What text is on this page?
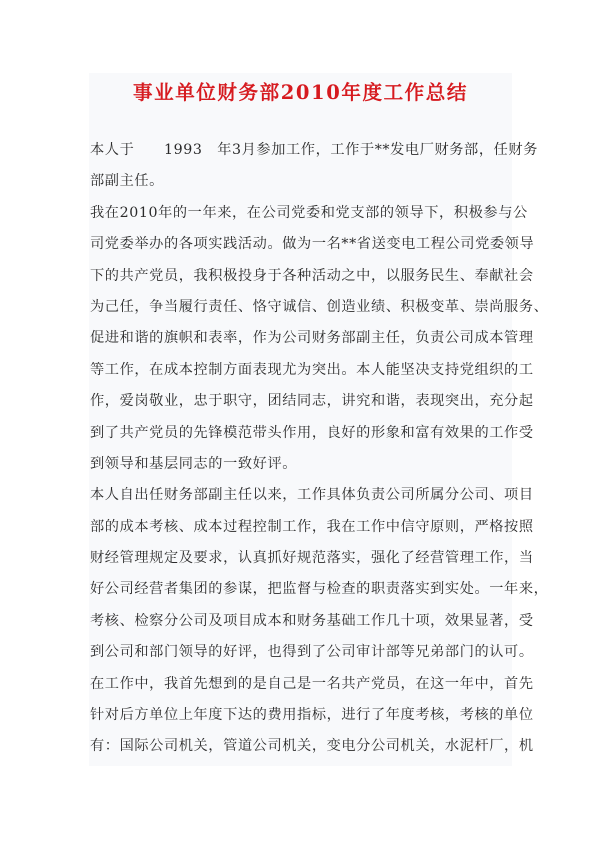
事业单位财务部2010年度工作总结
本人于　　1993　年3月参加工作，工作于**发电厂财务部，任财务
部副主任。
我在2010年的一年来，在公司党委和党支部的领导下，积极参与公
司党委举办的各项实践活动。做为一名**省送变电工程公司党委领导
下的共产党员，我积极投身于各种活动之中，以服务民生、奉献社会
为己任，争当履行责任、恪守诚信、创造业绩、积极变革、崇尚服务、
促进和谐的旗帜和表率，作为公司财务部副主任，负责公司成本管理
等工作，在成本控制方面表现尤为突出。本人能坚决支持党组织的工
作，爱岗敬业，忠于职守，团结同志，讲究和谐，表现突出，充分起
到了共产党员的先锋模范带头作用，良好的形象和富有效果的工作受
到领导和基层同志的一致好评。
本人自出任财务部副主任以来，工作具体负责公司所属分公司、项目
部的成本考核、成本过程控制工作，我在工作中信守原则，严格按照
财经管理规定及要求，认真抓好规范落实，强化了经营管理工作，当
好公司经营者集团的参谋，把监督与检查的职责落实到实处。一年来，
考核、检察分公司及项目成本和财务基础工作几十项，效果显著，受
到公司和部门领导的好评，也得到了公司审计部等兄弟部门的认可。
在工作中，我首先想到的是自己是一名共产党员，在这一年中，首先
针对后方单位上年度下达的费用指标，进行了年度考核，考核的单位
有：国际公司机关，管道公司机关，变电分公司机关，水泥杆厂，机
